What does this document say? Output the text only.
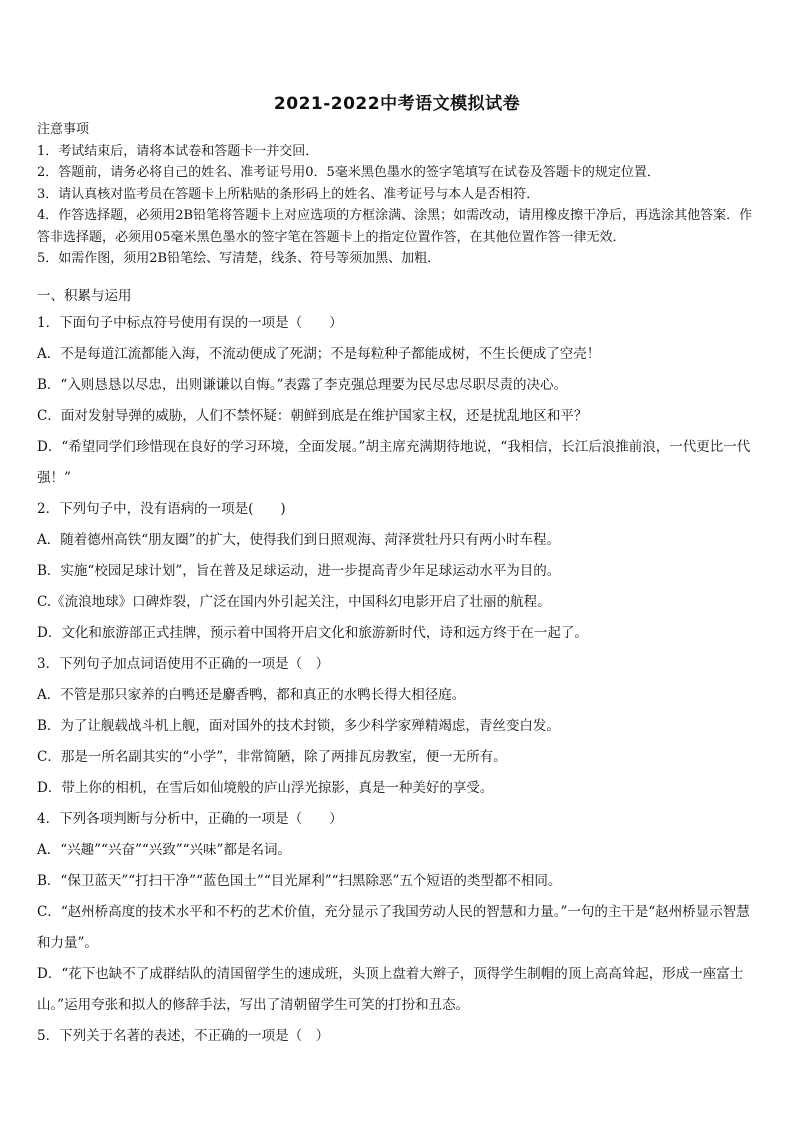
2021-2022中考语文模拟试卷

注意事项

1．考试结束后，请将本试卷和答题卡一并交回．

2．答题前，请务必将自己的姓名、准考证号用0．5毫米黑色墨水的签字笔填写在试卷及答题卡的规定位置．

3．请认真核对监考员在答题卡上所粘贴的条形码上的姓名、准考证号与本人是否相符．

4．作答选择题，必须用2B铅笔将答题卡上对应选项的方框涂满、涂黑；如需改动，请用橡皮擦干净后，再选涂其他答案．作答非选择题，必须用05毫米黑色墨水的签字笔在答题卡上的指定位置作答，在其他位置作答一律无效．

5．如需作图，须用2B铅笔绘、写清楚，线条、符号等须加黑、加粗．

一、积累与运用

1．下面句子中标点符号使用有误的一项是（　　）

A．不是每道江流都能入海，不流动便成了死湖；不是每粒种子都能成树，不生长便成了空壳！

B．“入则恳恳以尽忠，出则谦谦以自悔。”表露了李克强总理要为民尽忠尽职尽责的决心。

C．面对发射导弹的威胁，人们不禁怀疑：朝鲜到底是在维护国家主权，还是扰乱地区和平？

D．“希望同学们珍惜现在良好的学习环境，全面发展。”胡主席充满期待地说，“我相信，长江后浪推前浪，一代更比一代强！”

2．下列句子中，没有语病的一项是(　　)

A．随着德州高铁“朋友圈”的扩大，使得我们到日照观海、菏泽赏牡丹只有两小时车程。

B．实施“校园足球计划”，旨在普及足球运动，进一步提高青少年足球运动水平为目的。

C.《流浪地球》口碑炸裂，广泛在国内外引起关注，中国科幻电影开启了壮丽的航程。

D．文化和旅游部正式挂牌，预示着中国将开启文化和旅游新时代，诗和远方终于在一起了。

3．下列句子加点词语使用不正确的一项是（　）

A．不管是那只家养的白鸭还是麝香鸭，都和真正的水鸭长得大相径庭。

B．为了让舰载战斗机上舰，面对国外的技术封锁，多少科学家殚精竭虑，青丝变白发。

C．那是一所名副其实的“小学”，非常简陋，除了两排瓦房教室，便一无所有。

D．带上你的相机，在雪后如仙境般的庐山浮光掠影，真是一种美好的享受。

4．下列各项判断与分析中，正确的一项是（　　）

A．“兴趣”“兴奋”“兴致”“兴味”都是名词。

B．“保卫蓝天”“打扫干净”“蓝色国土”“目光犀利”“扫黑除恶”五个短语的类型都不相同。

C．“赵州桥高度的技术水平和不朽的艺术价值，充分显示了我国劳动人民的智慧和力量。”一句的主干是“赵州桥显示智慧和力量”。

D．“花下也缺不了成群结队的清国留学生的速成班，头顶上盘着大辫子，顶得学生制帽的顶上高高耸起，形成一座富士山。”运用夸张和拟人的修辞手法，写出了清朝留学生可笑的打扮和丑态。

5．下列关于名著的表述，不正确的一项是（　）
